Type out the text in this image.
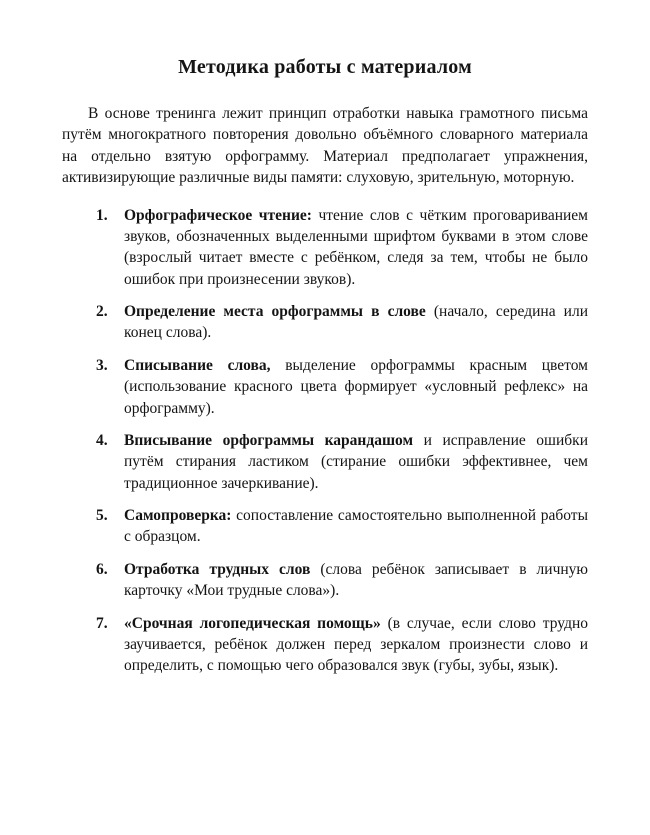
Методика работы с материалом

В основе тренинга лежит принцип отработки навыка грамотного письма путём многократного повторения довольно объёмного словарного материала на отдельно взятую орфограмму. Материал предполагает упражнения, активизирующие различные виды памяти: слуховую, зрительную, моторную.

1.	Орфографическое чтение: чтение слов с чётким проговариванием звуков, обозначенных выделенными шрифтом буквами в этом слове (взрослый читает вместе с ребёнком, следя за тем, чтобы не было ошибок при произнесении звуков).
2.	Определение места орфограммы в слове (начало, середина или конец слова).
3.	Списывание слова, выделение орфограммы красным цветом (использование красного цвета формирует «условный рефлекс» на орфограмму).
4.	Вписывание орфограммы карандашом и исправление ошибки путём стирания ластиком (стирание ошибки эффективнее, чем традиционное зачеркивание).
5.	Самопроверка: сопоставление самостоятельно выполненной работы с образцом.
6.	Отработка трудных слов (слова ребёнок записывает в личную карточку «Мои трудные слова»).
7.	«Срочная логопедическая помощь» (в случае, если слово трудно заучивается, ребёнок должен перед зеркалом произнести слово и определить, с помощью чего образовался звук (губы, зубы, язык).
